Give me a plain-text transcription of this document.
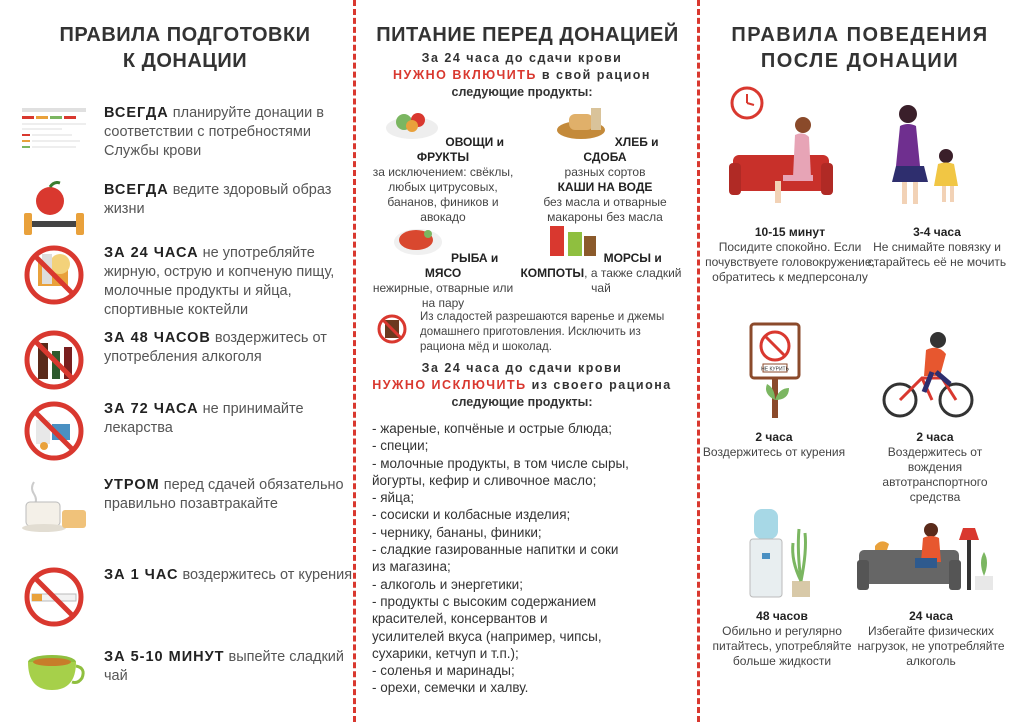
ПРАВИЛА ПОДГОТОВКИ
К ДОНАЦИИ
ВСЕГДА планируйте донации в соответствии с потребностями Службы крови
ВСЕГДА ведите здоровый образ жизни
ЗА 24 ЧАСА не употребляйте жирную, острую и копченую пищу, молочные продукты и яйца, спортивные коктейли
ЗА 48 ЧАСОВ воздержитесь от употребления алкоголя
ЗА 72 ЧАСА не принимайте лекарства
УТРОМ перед сдачей обязательно правильно позавтракайте
ЗА 1 ЧАС воздержитесь от курения
ЗА 5-10 МИНУТ выпейте сладкий чай
ПИТАНИЕ ПЕРЕД ДОНАЦИЕЙ
За 24 часа до сдачи крови
НУЖНО ВКЛЮЧИТЬ в свой рацион
следующие продукты:
ОВОЩИ и ФРУКТЫ
за исключением: свёклы, любых цитрусовых, бананов, фиников и авокадо
ХЛЕБ и СДОБА
разных сортов
КАШИ НА ВОДЕ
без масла и отварные макароны без масла
РЫБА и МЯСО
нежирные, отварные или на пару
МОРСЫ и КОМПОТЫ, а также сладкий чай
Из сладостей разрешаются варенье и джемы домашнего приготовления. Исключить из рациона мёд и шоколад.
За 24 часа до сдачи крови
НУЖНО ИСКЛЮЧИТЬ из своего рациона
следующие продукты:
- жареные, копчёные и острые блюда;
- специи;
- молочные продукты, в том числе сыры,
йогурты, кефир и сливочное масло;
- яйца;
- сосиски и колбасные изделия;
- чернику, бананы, финики;
- сладкие газированные напитки и соки
из магазина;
- алкоголь и энергетики;
- продукты с высоким содержанием
красителей, консервантов и
усилителей вкуса (например, чипсы,
сухарики, кетчуп и т.п.);
- соленья и маринады;
- орехи, семечки и халву.
ПРАВИЛА ПОВЕДЕНИЯ
ПОСЛЕ ДОНАЦИИ
НЕ КУРИТЬ
10-15 минут
Посидите спокойно. Если почувствуете головокружение, обратитесь к медперсоналу
3-4 часа
Не снимайте повязку и старайтесь её не мочить
2 часа
Воздержитесь от курения
2 часа
Воздержитесь от вождения автотранспортного средства
48 часов
Обильно и регулярно питайтесь, употребляйте больше жидкости
24 часа
Избегайте физических нагрузок, не употребляйте алкоголь
